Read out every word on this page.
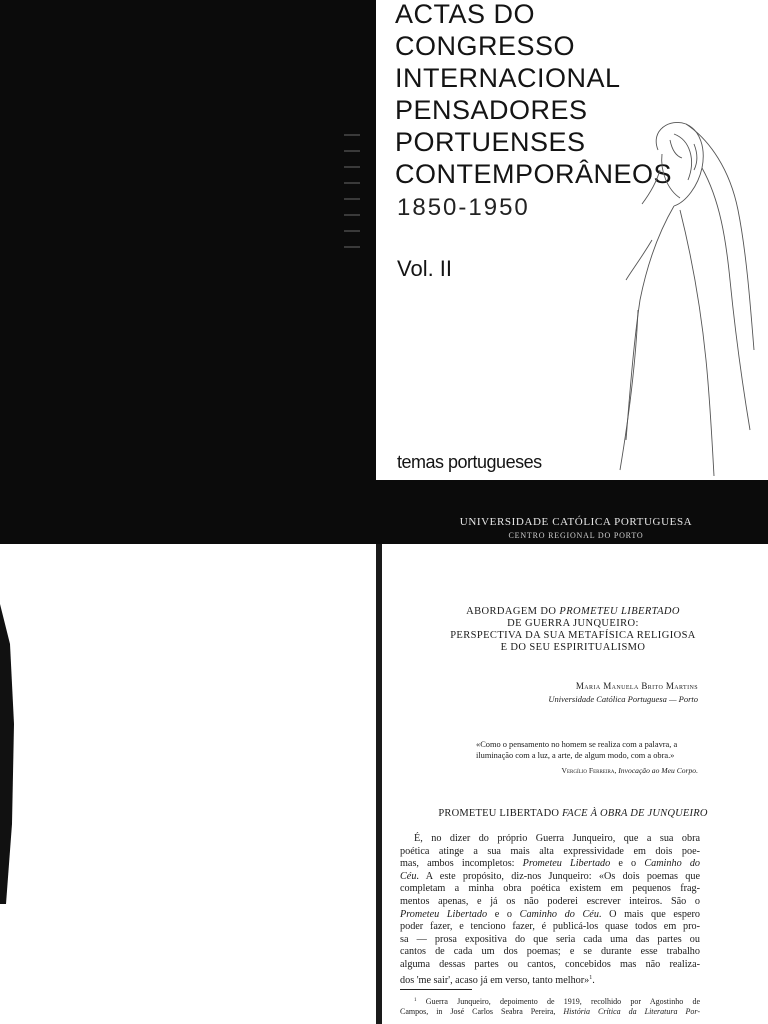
ACTAS DO
CONGRESSO
INTERNACIONAL
PENSADORES
PORTUENSES
CONTEMPORÂNEOS
1850-1950
Vol. II
temas portugueses
UNIVERSIDADE CATÓLICA PORTUGUESA
CENTRO REGIONAL DO PORTO
ABORDAGEM DO PROMETEU LIBERTADO
DE GUERRA JUNQUEIRO:
PERSPECTIVA DA SUA METAFÍSICA RELIGIOSA
E DO SEU ESPIRITUALISMO
Maria Manuela Brito Martins
Universidade Católica Portuguesa — Porto
«Como o pensamento no homem se realiza com a palavra, a iluminação com a luz, a arte, de algum modo, com a obra.»
Vergílio Ferreira, Invocação ao Meu Corpo.
PROMETEU LIBERTADO FACE À OBRA DE JUNQUEIRO
É, no dizer do próprio Guerra Junqueiro, que a sua obra
poética atinge a sua mais alta expressividade em dois poe-
mas, ambos incompletos: Prometeu Libertado e o Caminho do
Céu. A este propósito, diz-nos Junqueiro: «Os dois poemas que
completam a minha obra poética existem em pequenos frag-
mentos apenas, e já os não poderei escrever inteiros. São o
Prometeu Libertado e o Caminho do Céu. O mais que espero
poder fazer, e tenciono fazer, é publicá-los quase todos em pro-
sa — prosa expositiva do que seria cada uma das partes ou
cantos de cada um dos poemas; e se durante esse trabalho
alguma dessas partes ou cantos, concebidos mas não realiza-
dos 'me sair', acaso já em verso, tanto melhor»$^1$.
$^1$ Guerra Junqueiro, depoimento de 1919, recolhido por Agostinho de
Campos, in José Carlos Seabra Pereira, História Crítica da Literatura Por-
